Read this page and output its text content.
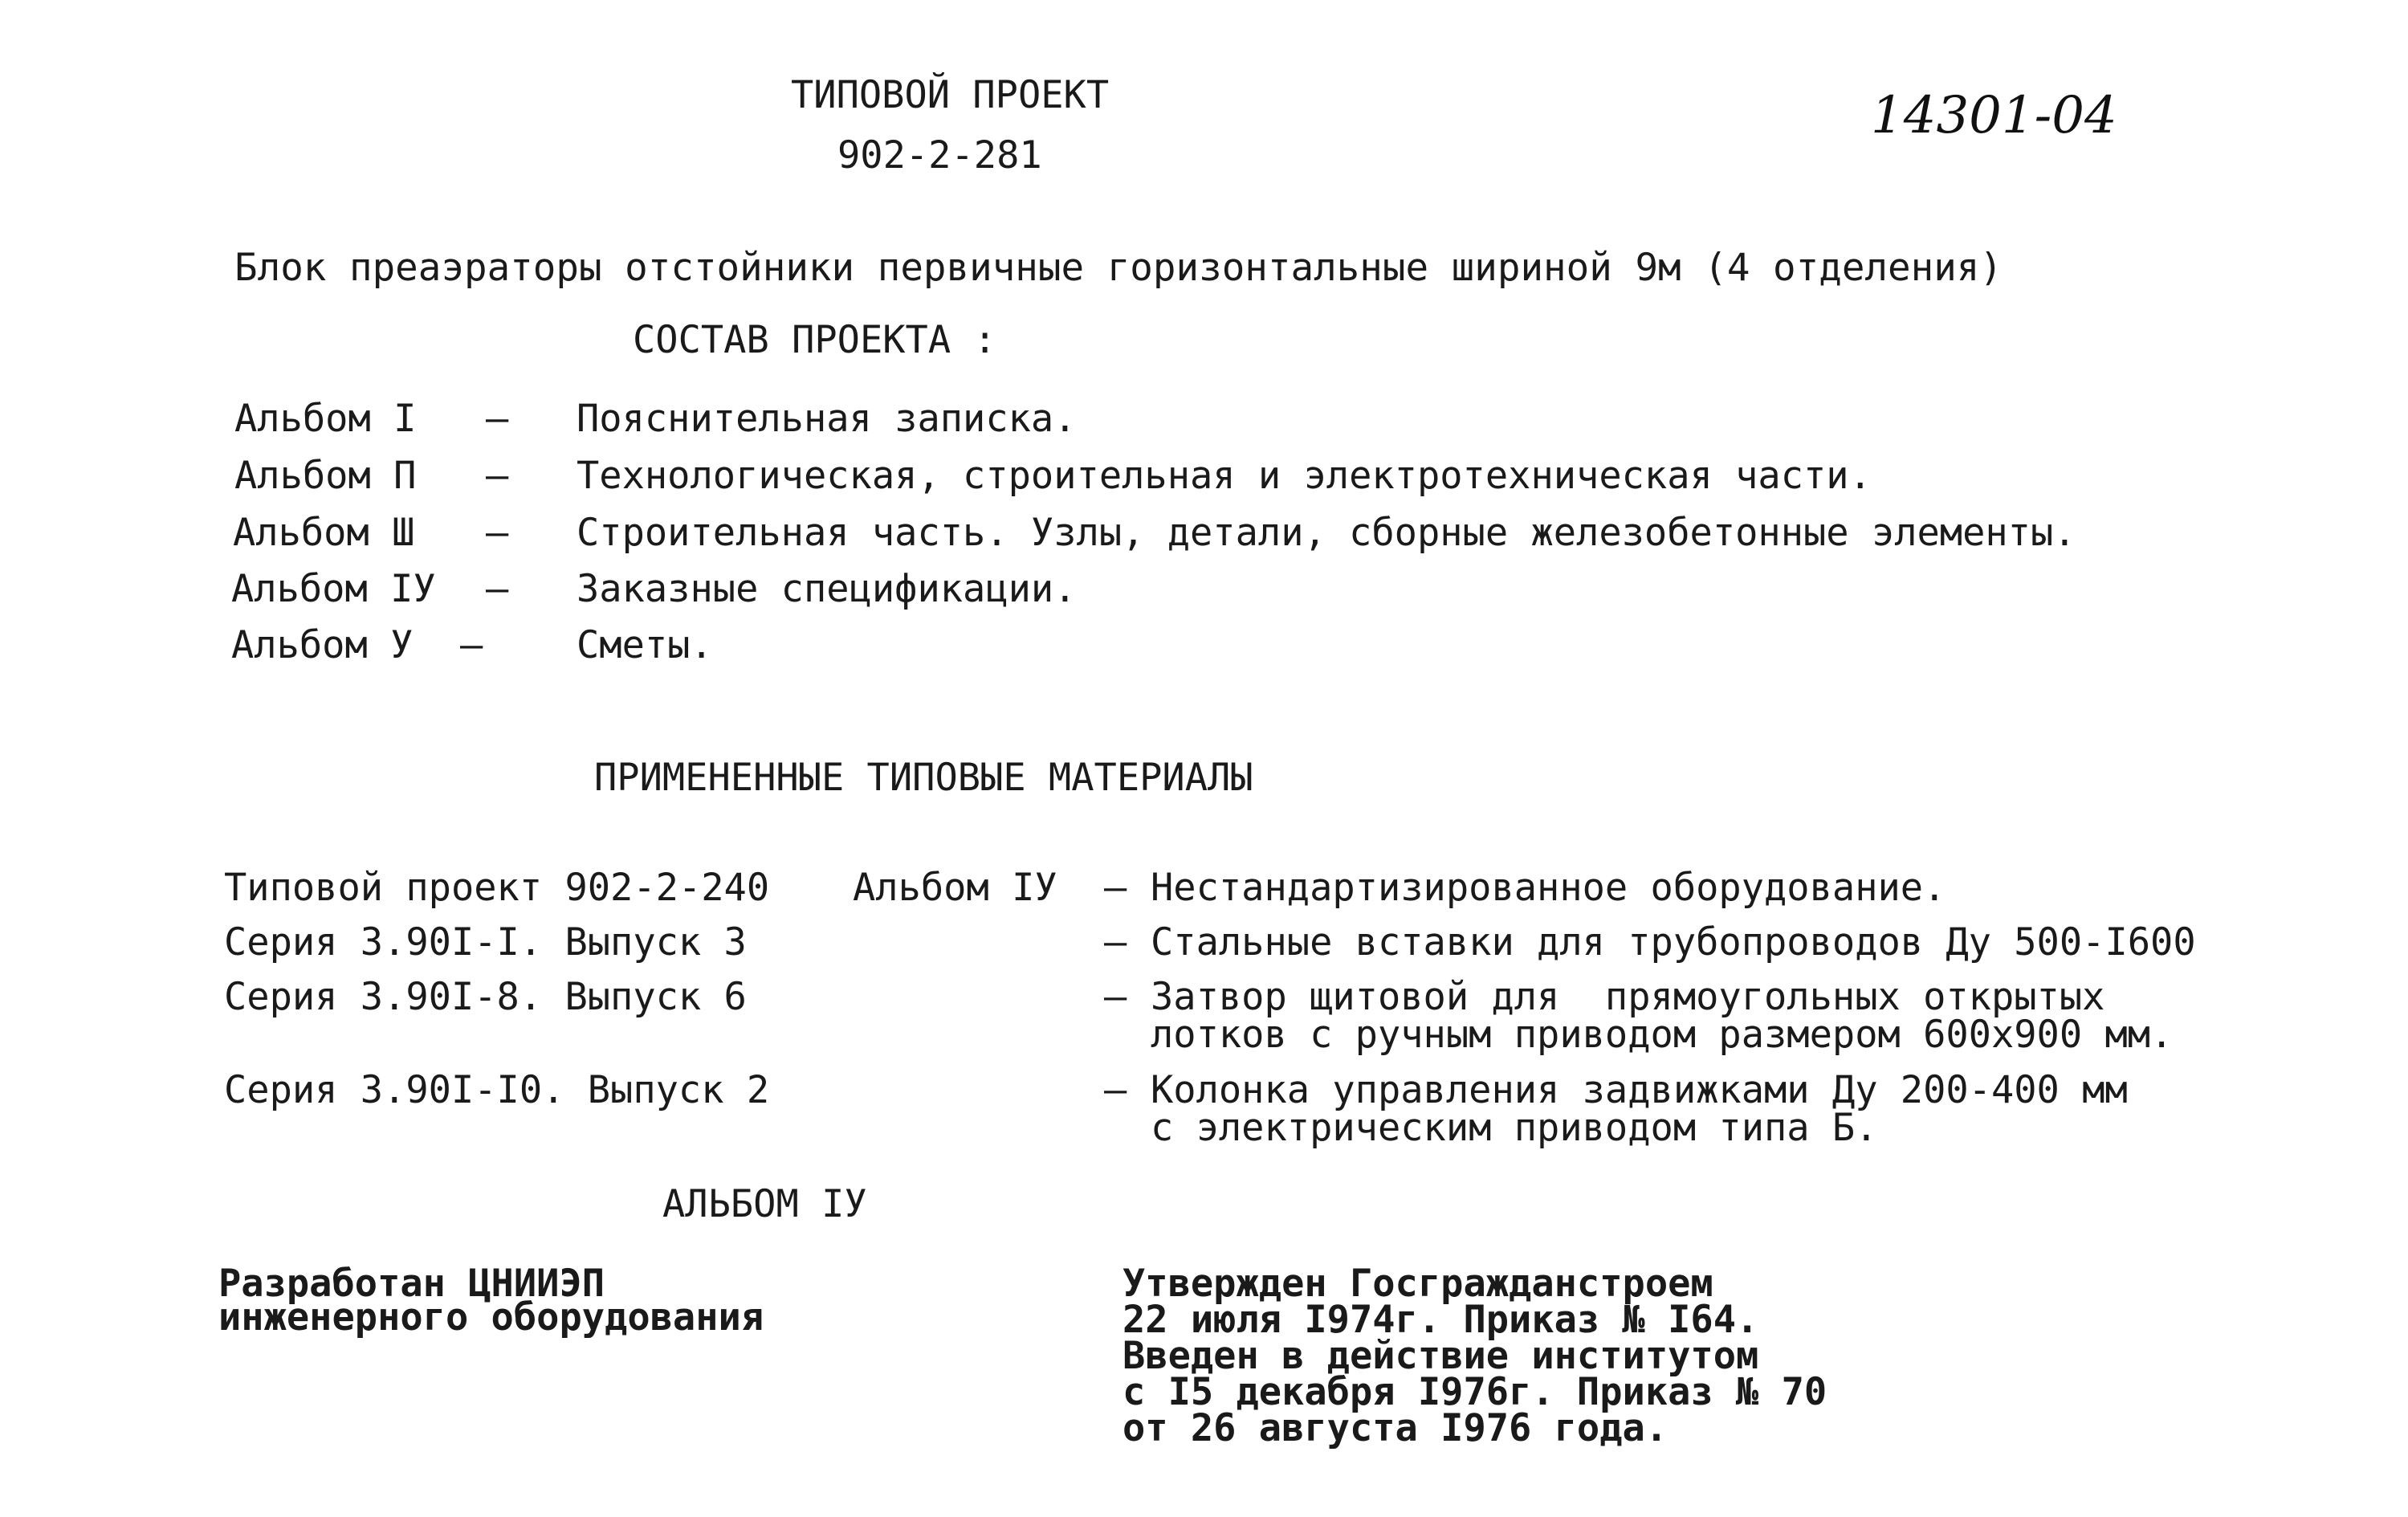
ТИПОВОЙ ПРОЕКТ
902-2-281
14301-04
Блок преаэраторы отстойники первичные горизонтальные шириной 9м (4 отделения)
СОСТАВ ПРОЕКТА :
Альбом I – Пояснительная записка.
Альбом П – Технологическая, строительная и электротехническая части.
Альбом Ш – Строительная часть. Узлы, детали, сборные железобетонные элементы.
Альбом IУ – Заказные спецификации.
Альбом У – Сметы.
ПРИМЕНЕННЫЕ ТИПОВЫЕ МАТЕРИАЛЫ
Типовой проект 902-2-240 Альбом IУ – Нестандартизированное оборудование.
Серия 3.90I-I. Выпуск 3	– Стальные вставки для трубопроводов Ду 500-I600
Серия 3.90I-8. Выпуск 6	– Затвор щитовой для  прямоугольных открытых
лотков с ручным приводом размером 600x900 мм.
Серия 3.90I-I0. Выпуск 2	– Колонка управления задвижками Ду 200-400 мм
с электрическим приводом типа Б.
АЛЬБОМ IУ
Разработан ЦНИИЭП
инженерного оборудования
Утвержден Госгражданстроем
22 июля I974г. Приказ № I64.
Введен в действие институтом
с I5 декабря I976г. Приказ № 70
от 26 августа I976 года.
